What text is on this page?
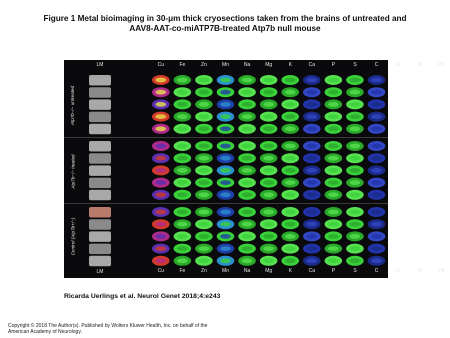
Figure 1 Metal bioimaging in 30-μm thick cryosections taken from the brains of untreated and
AAV8-AAT-co-miATP7B-treated Atp7b null mouse
LM	Cu	Fe	Zn	Mn	Na	Mg	K	Ca	P	S	C	Cr	Ni	Pb
Atp7b−/− untreated
Atp7b−/− treated
Control (Atp7b+/−)
LM	Cu	Fe	Zn	Mn	Na	Mg	K	Ca	P	S	C	Cr	Ni	Pb
Ricarda Uerlings et al. Neurol Genet 2018;4:e243
Copyright © 2018 The Author(s). Published by Wolters Kluwer Health, Inc. on behalf of the
American Academy of Neurology.
